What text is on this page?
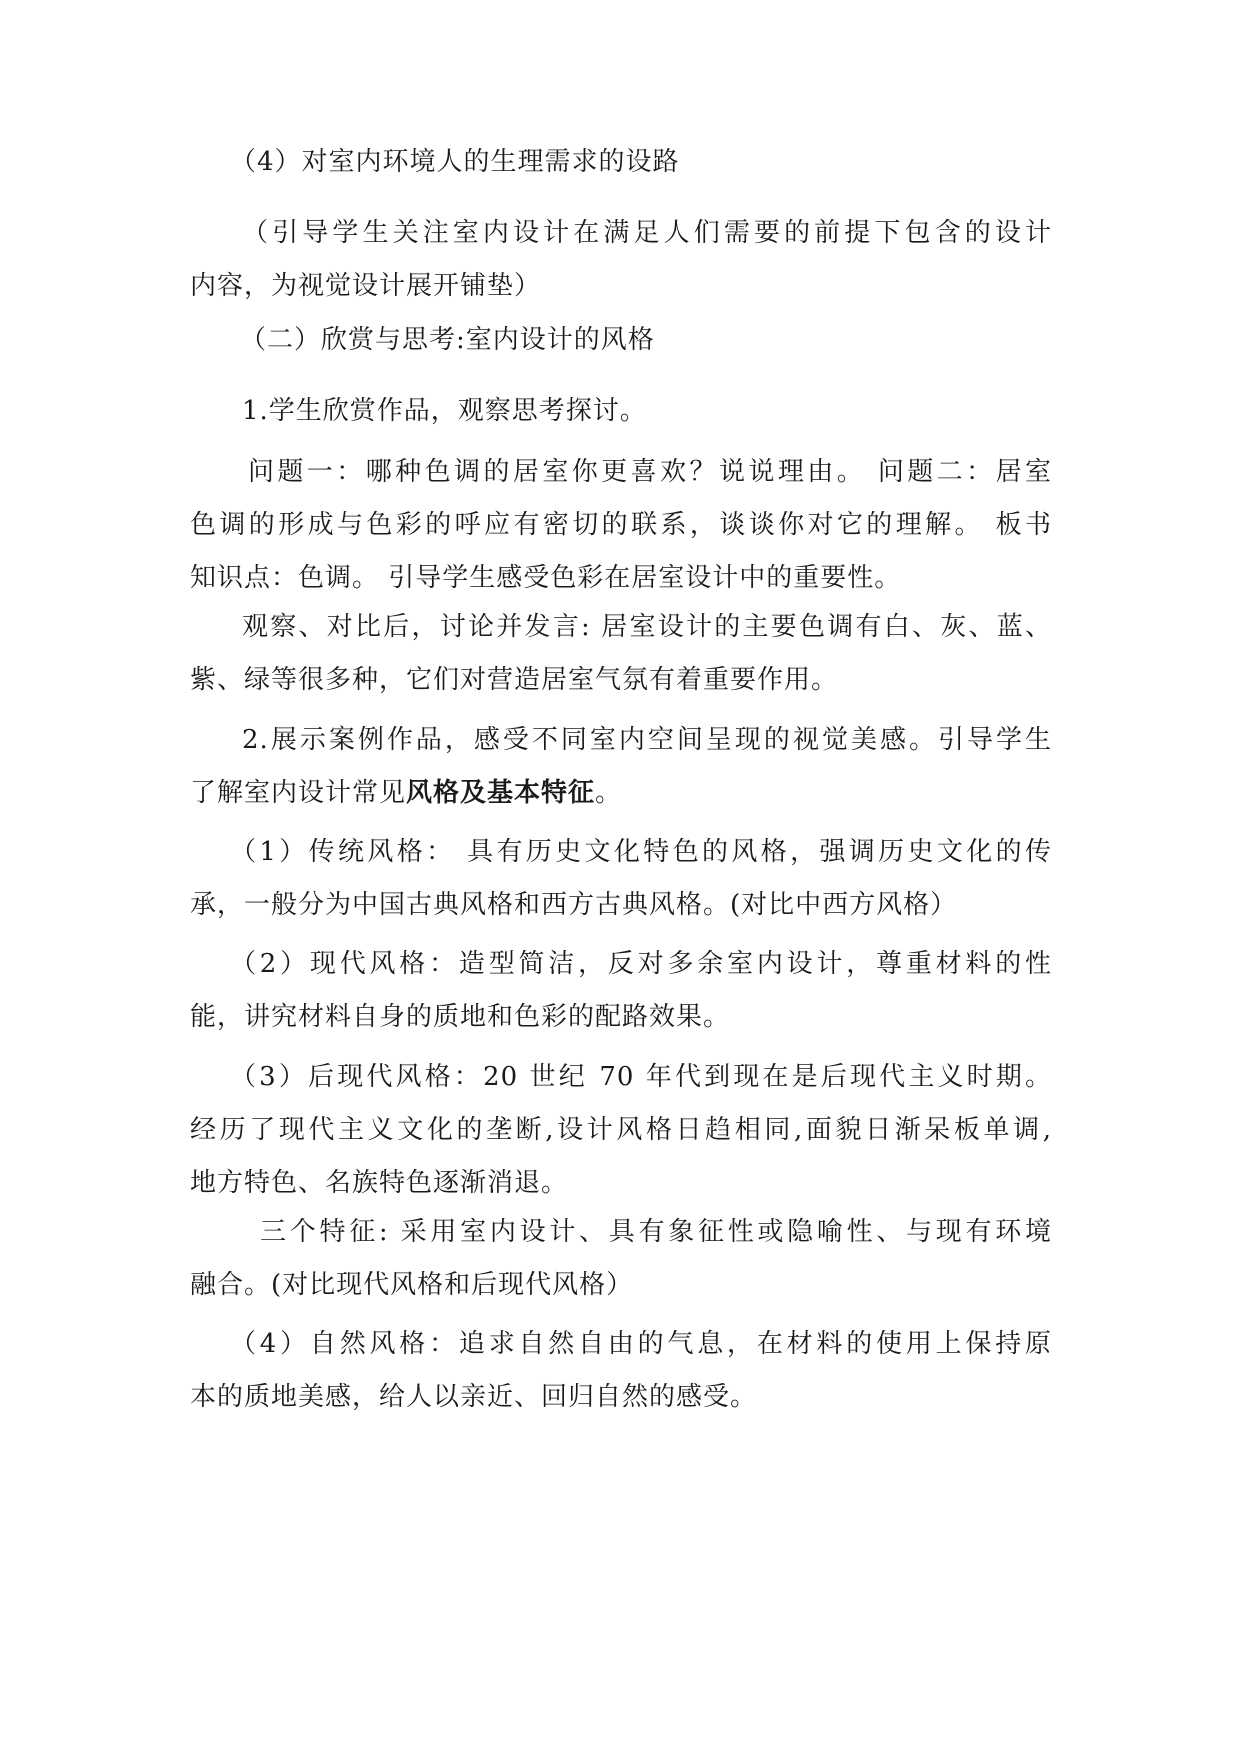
（4）对室内环境人的生理需求的设路
（引导学生关注室内设计在满足人们需要的前提下包含的设计
内容，为视觉设计展开铺垫）
（二）欣赏与思考:室内设计的风格
1.学生欣赏作品，观察思考探讨。
问题一：哪种色调的居室你更喜欢？说说理由。 问题二：居室
色调的形成与色彩的呼应有密切的联系，谈谈你对它的理解。 板书
知识点：色调。 引导学生感受色彩在居室设计中的重要性。
观察、对比后，讨论并发言: 居室设计的主要色调有白、灰、蓝、
紫、绿等很多种，它们对营造居室气氛有着重要作用。
2.展示案例作品，感受不同室内空间呈现的视觉美感。引导学生
了解室内设计常见风格及基本特征。
（1）传统风格： 具有历史文化特色的风格，强调历史文化的传
承，一般分为中国古典风格和西方古典风格。(对比中西方风格）
（2）现代风格：造型简洁，反对多余室内设计，尊重材料的性
能，讲究材料自身的质地和色彩的配路效果。
（3）后现代风格：20 世纪 70 年代到现在是后现代主义时期。
经历了现代主义文化的垄断,设计风格日趋相同,面貌日渐呆板单调,
地方特色、名族特色逐渐消退。
三个特征: 采用室内设计、具有象征性或隐喻性、与现有环境
融合。(对比现代风格和后现代风格）
（4）自然风格：追求自然自由的气息，在材料的使用上保持原
本的质地美感，给人以亲近、回归自然的感受。
